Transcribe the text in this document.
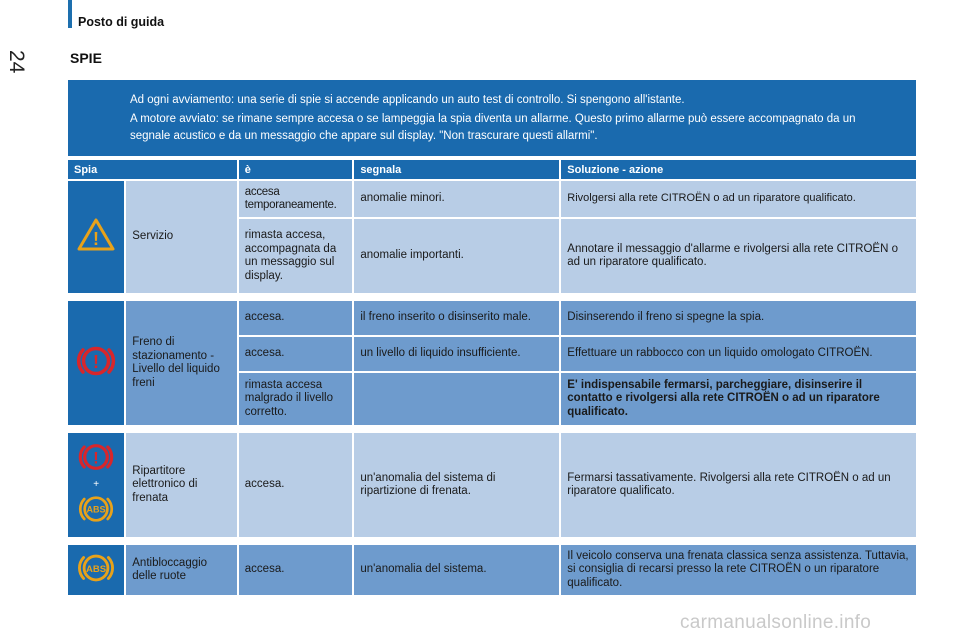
Posto di guida
24	SPIE

Ad ogni avviamento: una serie di spie si accende applicando un auto test di controllo. Si spengono all'istante.

A motore avviato: se rimane sempre accesa o se lampeggia la spia diventa un allarme. Questo primo allarme può essere accompagnato da un segnale acustico e da un messaggio che appare sul display. "Non trascurare questi allarmi".

Spia		è	segnala	Soluzione - azione

!	Servizio	accesa temporaneamente.	anomalie minori.	Rivolgersi alla rete CITROËN o ad un riparatore qualificato.
		rimasta accesa, accompagnata da un messaggio sul display.	anomalie importanti.	Annotare il messaggio d'allarme e rivolgersi alla rete CITROËN o ad un riparatore qualificato.

!	Freno di stazionamento - Livello del liquido freni	accesa.	il freno inserito o disinserito male.	Disinserendo il freno si spegne la spia.
		accesa.	un livello di liquido insufficiente.	Effettuare un rabbocco con un liquido omologato CITROËN.
		rimasta accesa malgrado il livello corretto.		E' indispensabile fermarsi, parcheggiare, disinserire il contatto e rivolgersi alla rete CITROËN o ad un riparatore qualificato.

!
+
ABS	Ripartitore elettronico di frenata	accesa.	un'anomalia del sistema di ripartizione di frenata.	Fermarsi tassativamente. Rivolgersi alla rete CITROËN o ad un riparatore qualificato.

ABS	Antibloccaggio delle ruote	accesa.	un'anomalia del sistema.	Il veicolo conserva una frenata classica senza assistenza. Tuttavia, si consiglia di recarsi presso la rete CITROËN o un riparatore qualificato.
carmanualsonline.info
